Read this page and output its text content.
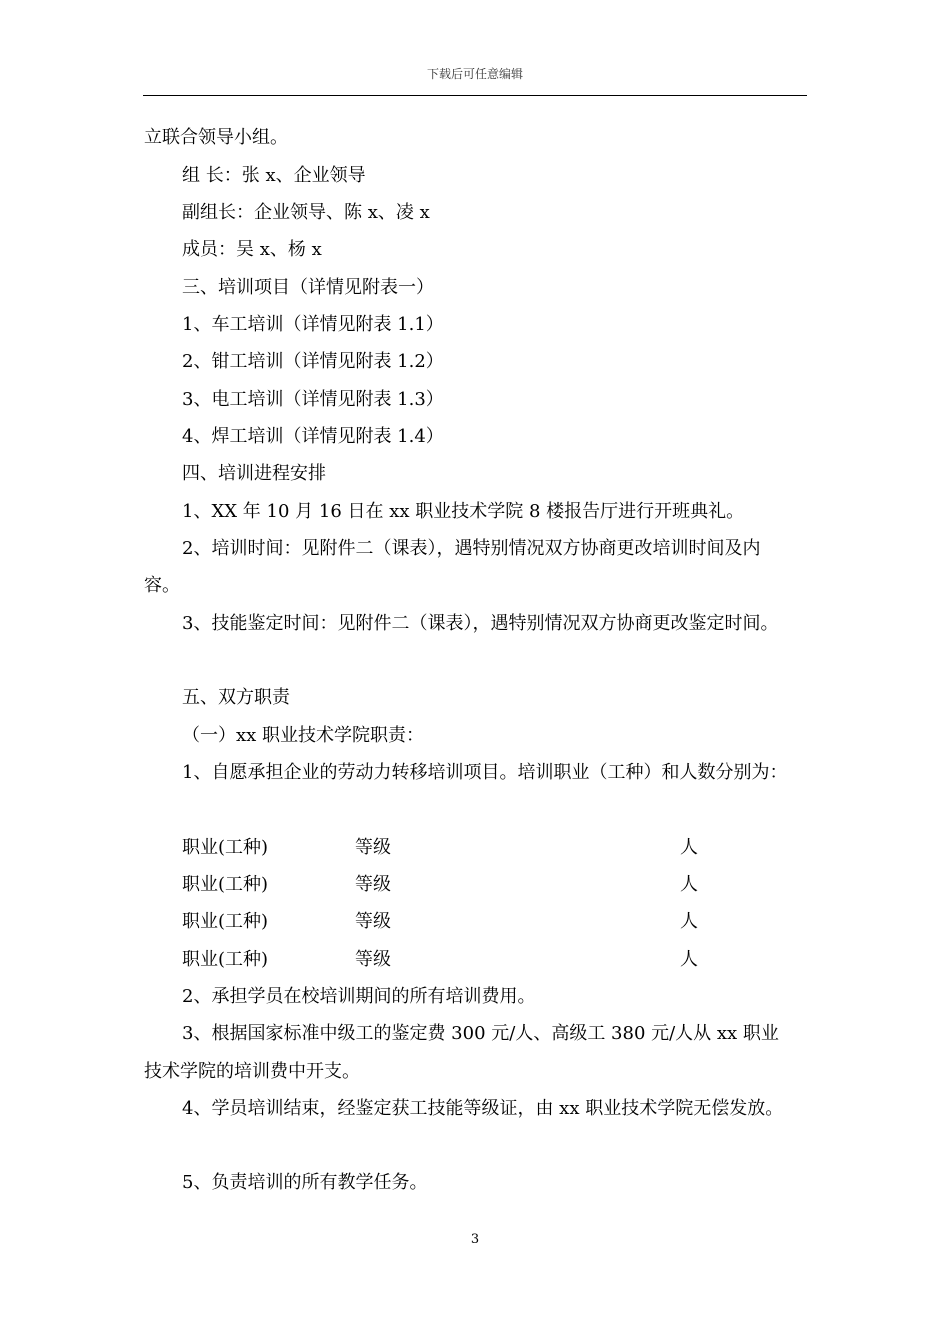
下载后可任意编辑
立联合领导小组。
组 长：张 x、企业领导
副组长：企业领导、陈 x、凌 x
成员：吴 x、杨 x
三、培训项目（详情见附表一）
1、车工培训（详情见附表 1.1）
2、钳工培训（详情见附表 1.2）
3、电工培训（详情见附表 1.3）
4、焊工培训（详情见附表 1.4）
四、培训进程安排
1、XX 年 10 月 16 日在 xx 职业技术学院 8 楼报告厅进行开班典礼。
2、培训时间：见附件二（课表），遇特别情况双方协商更改培训时间及内
容。
3、技能鉴定时间：见附件二（课表），遇特别情况双方协商更改鉴定时间。
五、双方职责
（一）xx 职业技术学院职责：
1、自愿承担企业的劳动力转移培训项目。培训职业（工种）和人数分别为：
职业(工种)	等级	人
职业(工种)	等级	人
职业(工种)	等级	人
职业(工种)	等级	人
2、承担学员在校培训期间的所有培训费用。
3、根据国家标准中级工的鉴定费 300 元/人、高级工 380 元/人从 xx 职业
技术学院的培训费中开支。
4、学员培训结束，经鉴定获工技能等级证，由 xx 职业技术学院无偿发放。
5、负责培训的所有教学任务。
3
